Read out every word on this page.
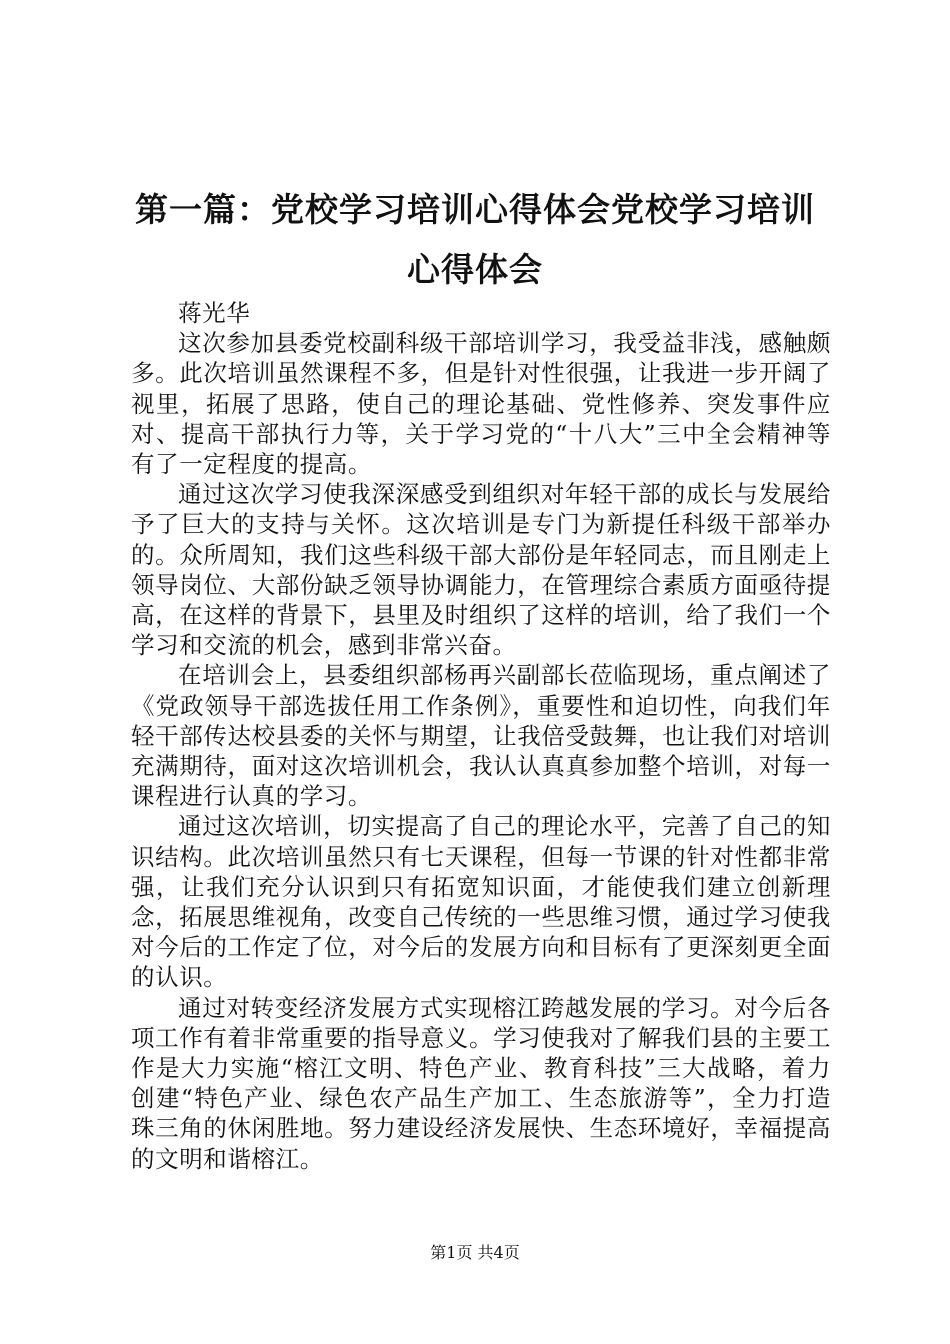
第一篇：党校学习培训心得体会党校学习培训心得体会

蒋光华

这次参加县委党校副科级干部培训学习，我受益非浅，感触颇多。此次培训虽然课程不多，但是针对性很强，让我进一步开阔了视里，拓展了思路，使自己的理论基础、党性修养、突发事件应对、提高干部执行力等，关于学习党的“十八大”三中全会精神等有了一定程度的提高。

通过这次学习使我深深感受到组织对年轻干部的成长与发展给予了巨大的支持与关怀。这次培训是专门为新提任科级干部举办的。众所周知，我们这些科级干部大部份是年轻同志，而且刚走上领导岗位、大部份缺乏领导协调能力，在管理综合素质方面亟待提高，在这样的背景下，县里及时组织了这样的培训，给了我们一个学习和交流的机会，感到非常兴奋。

在培训会上，县委组织部杨再兴副部长莅临现场，重点阐述了《党政领导干部选拔任用工作条例》，重要性和迫切性，向我们年轻干部传达校县委的关怀与期望，让我倍受鼓舞，也让我们对培训充满期待，面对这次培训机会，我认认真真参加整个培训，对每一课程进行认真的学习。

通过这次培训，切实提高了自己的理论水平，完善了自己的知识结构。此次培训虽然只有七天课程，但每一节课的针对性都非常强，让我们充分认识到只有拓宽知识面，才能使我们建立创新理念，拓展思维视角，改变自己传统的一些思维习惯，通过学习使我对今后的工作定了位，对今后的发展方向和目标有了更深刻更全面的认识。

通过对转变经济发展方式实现榕江跨越发展的学习。对今后各项工作有着非常重要的指导意义。学习使我对了解我们县的主要工作是大力实施“榕江文明、特色产业、教育科技”三大战略，着力创建“特色产业、绿色农产品生产加工、生态旅游等”，全力打造珠三角的休闲胜地。努力建设经济发展快、生态环境好，幸福提高的文明和谐榕江。

第1页 共4页
